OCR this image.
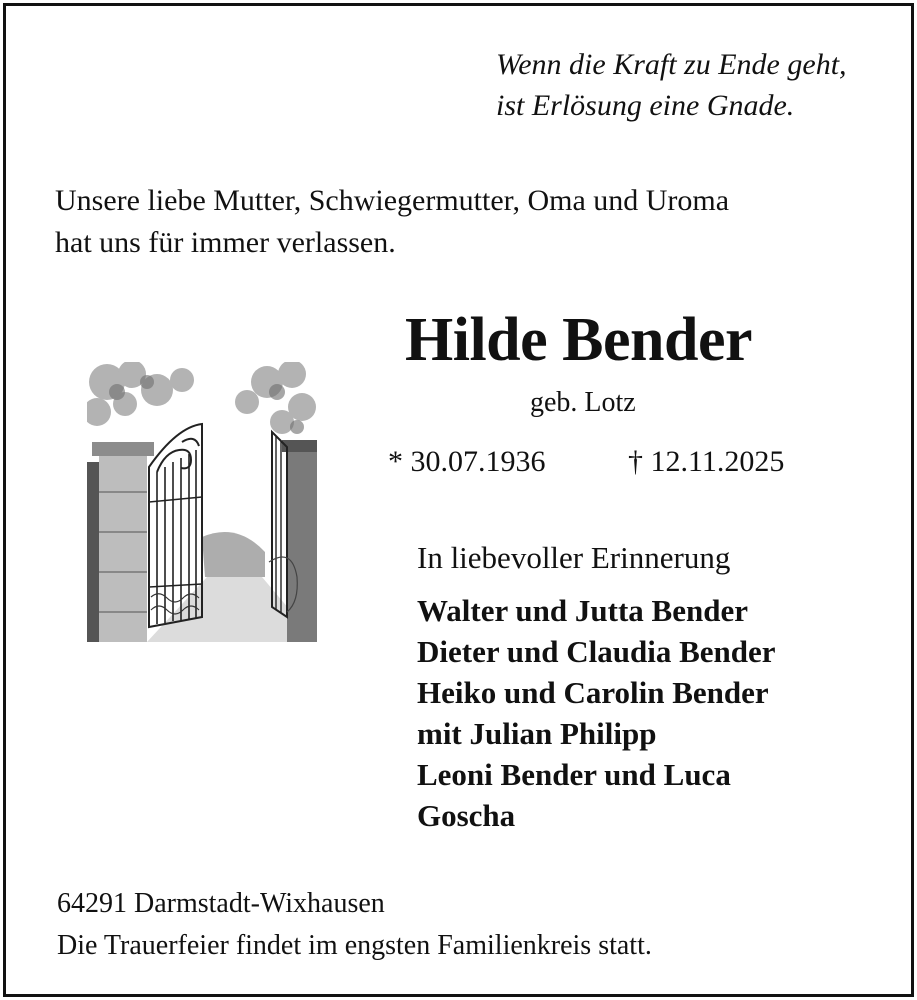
Wenn die Kraft zu Ende geht,
ist Erlösung eine Gnade.
Unsere liebe Mutter, Schwiegermutter, Oma und Uroma
hat uns für immer verlassen.
Hilde Bender
geb. Lotz
* 30.07.1936	† 12.11.2025
In liebevoller Erinnerung
Walter und Jutta Bender
Dieter und Claudia Bender
Heiko und Carolin Bender
mit Julian Philipp
Leoni Bender und Luca
Goscha
64291 Darmstadt-Wixhausen
Die Trauerfeier findet im engsten Familienkreis statt.
